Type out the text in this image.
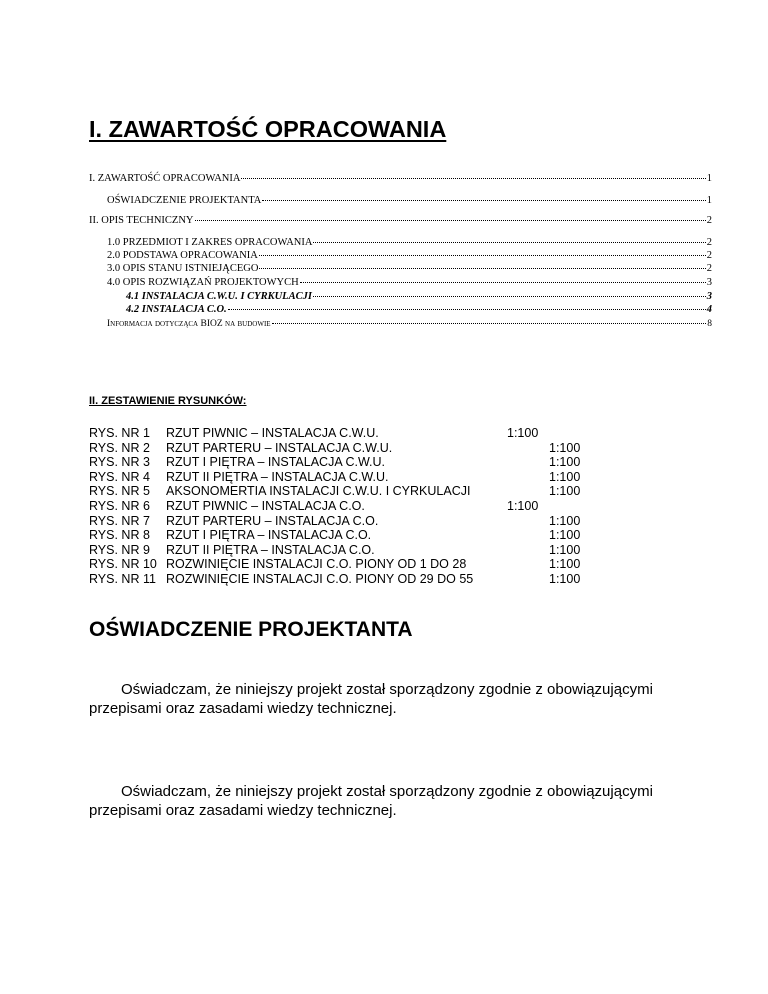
I. ZAWARTOŚĆ OPRACOWANIA
I. ZAWARTOŚĆ OPRACOWANIA	1
OŚWIADCZENIE PROJEKTANTA	1
II. OPIS TECHNICZNY	2
1.0 PRZEDMIOT I ZAKRES OPRACOWANIA	2
2.0 PODSTAWA OPRACOWANIA	2
3.0 OPIS STANU ISTNIEJĄCEGO	2
4.0 OPIS ROZWIĄZAŃ PROJEKTOWYCH	3
4.1 INSTALACJA C.W.U. I CYRKULACJI	3
4.2 INSTALACJA C.O.	4
Informacja dotycząca BIOZ na budowie	8
II. ZESTAWIENIE RYSUNKÓW:
RYS. NR 1 RZUT PIWNIC – INSTALACJA C.W.U.	1:100
RYS. NR 2 RZUT PARTERU – INSTALACJA C.W.U.	1:100
RYS. NR 3 RZUT I PIĘTRA – INSTALACJA C.W.U.	1:100
RYS. NR 4 RZUT II PIĘTRA – INSTALACJA C.W.U.	1:100
RYS. NR 5 AKSONOMERTIA INSTALACJI C.W.U. I CYRKULACJI	1:100
RYS. NR 6 RZUT PIWNIC – INSTALACJA C.O.	1:100
RYS. NR 7 RZUT PARTERU – INSTALACJA C.O.	1:100
RYS. NR 8 RZUT I PIĘTRA – INSTALACJA C.O.	1:100
RYS. NR 9 RZUT II PIĘTRA – INSTALACJA C.O.	1:100
RYS. NR 10 ROZWINIĘCIE INSTALACJI C.O. PIONY OD 1 DO 28	1:100
RYS. NR 11 ROZWINIĘCIE INSTALACJI C.O. PIONY OD 29 DO 55	1:100
OŚWIADCZENIE PROJEKTANTA
Oświadczam, że niniejszy projekt został sporządzony zgodnie z obowiązującymi przepisami oraz zasadami wiedzy technicznej.
Oświadczam, że niniejszy projekt został sporządzony zgodnie z obowiązującymi przepisami oraz zasadami wiedzy technicznej.
